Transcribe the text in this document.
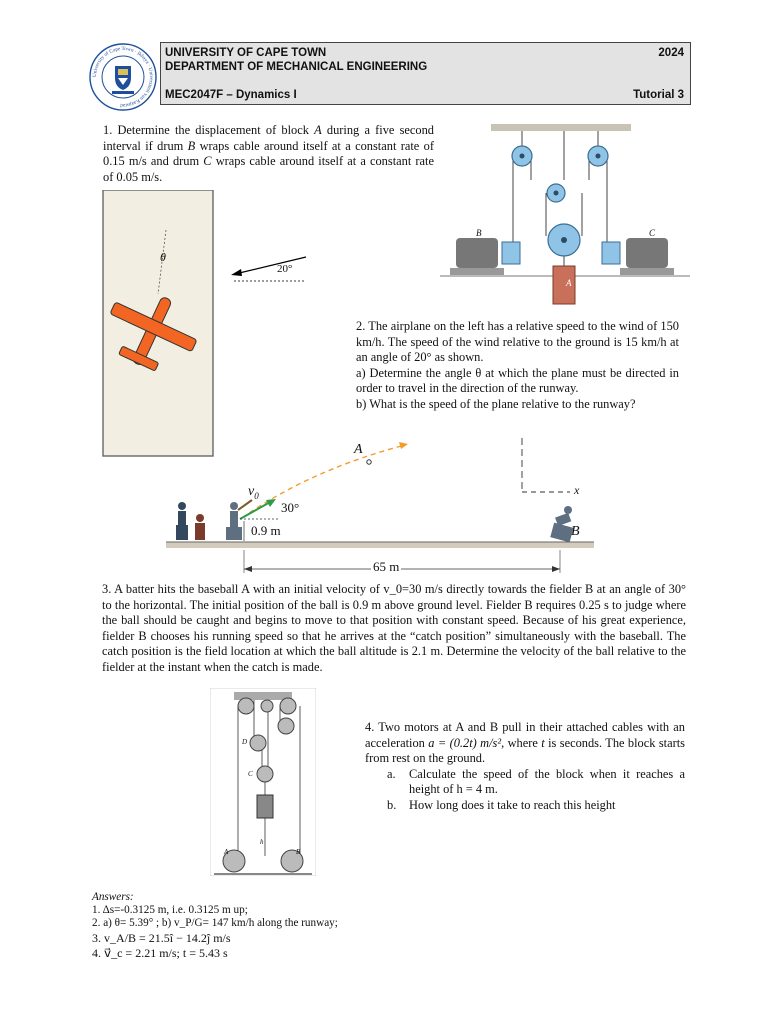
University of Cape Town · Ikhaya · Universiteit van Kaapstad
UNIVERSITY OF CAPE TOWN
DEPARTMENT OF MECHANICAL ENGINEERING
2024
MEC2047F – Dynamics I	Tutorial 3
1. Determine the displacement of block A during a five second interval if drum B wraps cable around itself at a constant rate of 0.15 m/s and drum C wraps cable around itself at a constant rate of 0.05 m/s.
B	C
A
θ
20°
2. The airplane on the left has a relative speed to the wind of 150 km/h. The speed of the wind relative to the ground is 15 km/h at an angle of 20° as shown.
a) Determine the angle θ at which the plane must be directed in order to travel in the direction of the runway.
b) What is the speed of the plane relative to the runway?
A
$v_0$
30°
0.9 m
65 m
B
x
3. A batter hits the baseball A with an initial velocity of v_0=30 m/s directly towards the fielder B at an angle of 30° to the horizontal. The initial position of the ball is 0.9 m above ground level. Fielder B requires 0.25 s to judge where the ball should be caught and begins to move to that position with constant speed. Because of his great experience, fielder B chooses his running speed so that he arrives at the “catch position” simultaneously with the baseball. The catch position is the field location at which the ball altitude is 2.1 m. Determine the velocity of the ball relative to the fielder at the instant when the catch is made.
D
C
h
A	B
4. Two motors at A and B pull in their attached cables with an acceleration a = (0.2t) m/s², where t is seconds. The block starts from rest on the ground.
a. Calculate the speed of the block when it reaches a height of h = 4 m.
b. How long does it take to reach this height
Answers:
1. Δs=-0.3125 m, i.e. 0.3125 m up;
2. a) θ= 5.39° ; b) v_P/G= 147 km/h along the runway;
3. v_A/B = 21.5î − 14.2ĵ m/s
4. v⃗_c = 2.21 m/s; t = 5.43 s
